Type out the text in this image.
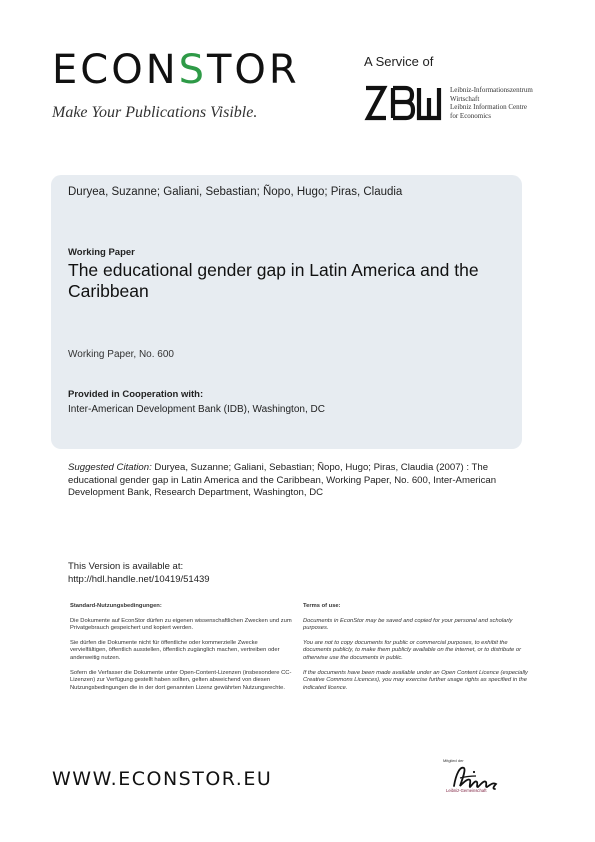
ECONSTOR
Make Your Publications Visible.
A Service of
Leibniz-Informationszentrum
Wirtschaft
Leibniz Information Centre
for Economics
Duryea, Suzanne; Galiani, Sebastian; Ñopo, Hugo; Piras, Claudia
Working Paper
The educational gender gap in Latin America and the Caribbean
Working Paper, No. 600
Provided in Cooperation with:
Inter-American Development Bank (IDB), Washington, DC
Suggested Citation: Duryea, Suzanne; Galiani, Sebastian; Ñopo, Hugo; Piras, Claudia (2007) : The educational gender gap in Latin America and the Caribbean, Working Paper, No. 600, Inter-American Development Bank, Research Department, Washington, DC
This Version is available at:
http://hdl.handle.net/10419/51439
Standard-Nutzungsbedingungen:

Die Dokumente auf EconStor dürfen zu eigenen wissenschaftlichen Zwecken und zum Privatgebrauch gespeichert und kopiert werden.

Sie dürfen die Dokumente nicht für öffentliche oder kommerzielle Zwecke vervielfältigen, öffentlich ausstellen, öffentlich zugänglich machen, vertreiben oder anderweitig nutzen.

Sofern die Verfasser die Dokumente unter Open-Content-Lizenzen (insbesondere CC-Lizenzen) zur Verfügung gestellt haben sollten, gelten abweichend von diesen Nutzungsbedingungen die in der dort genannten Lizenz gewährten Nutzungsrechte.

Terms of use:

Documents in EconStor may be saved and copied for your personal and scholarly purposes.

You are not to copy documents for public or commercial purposes, to exhibit the documents publicly, to make them publicly available on the internet, or to distribute or otherwise use the documents in public.

If the documents have been made available under an Open Content Licence (especially Creative Commons Licences), you may exercise further usage rights as specified in the indicated licence.

WWW.ECONSTOR.EU
Mitglied der
Leibniz-Gemeinschaft
